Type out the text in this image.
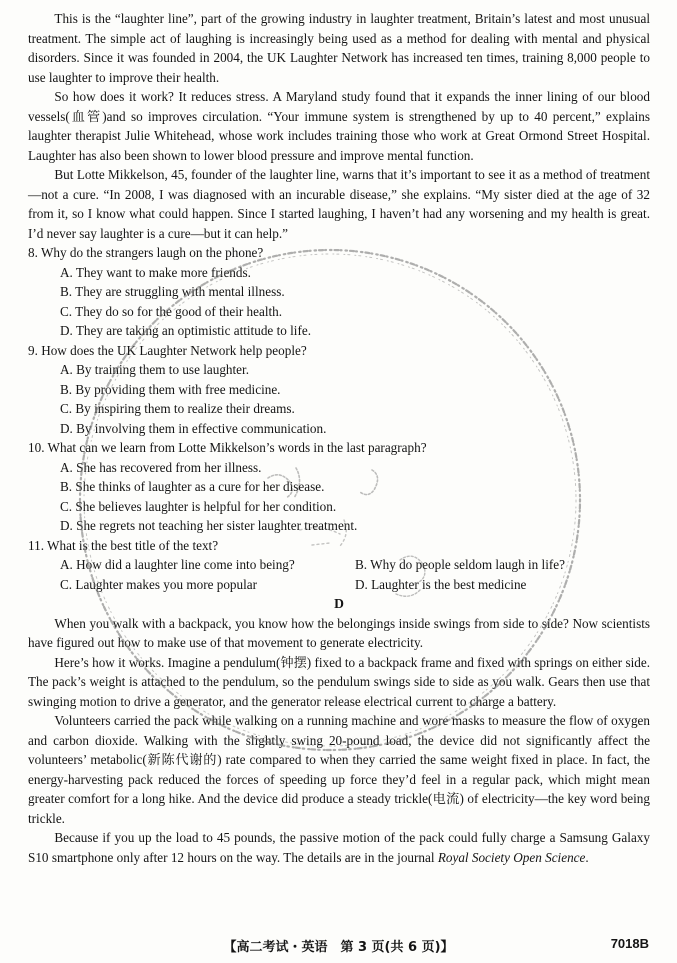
This is the “laughter line”, part of the growing industry in laughter treatment, Britain’s latest and most unusual treatment. The simple act of laughing is increasingly being used as a method for dealing with mental and physical disorders. Since it was founded in 2004, the UK Laughter Network has increased ten times, training 8,000 people to use laughter to improve their health.

So how does it work? It reduces stress. A Maryland study found that it expands the inner lining of our blood vessels(血管)and so improves circulation. “Your immune system is strengthened by up to 40 percent,” explains laughter therapist Julie Whitehead, whose work includes training those who work at Great Ormond Street Hospital. Laughter has also been shown to lower blood pressure and improve mental function.

But Lotte Mikkelson, 45, founder of the laughter line, warns that it’s important to see it as a method of treatment—not a cure. “In 2008, I was diagnosed with an incurable disease,” she explains. “My sister died at the age of 32 from it, so I know what could happen. Since I started laughing, I haven’t had any worsening and my health is great. I’d never say laughter is a cure—but it can help.”

8. Why do the strangers laugh on the phone?

A. They want to make more friends.

B. They are struggling with mental illness.

C. They do so for the good of their health.

D. They are taking an optimistic attitude to life.

9. How does the UK Laughter Network help people?

A. By training them to use laughter.

B. By providing them with free medicine.

C. By inspiring them to realize their dreams.

D. By involving them in effective communication.

10. What can we learn from Lotte Mikkelson’s words in the last paragraph?

A. She has recovered from her illness.

B. She thinks of laughter as a cure for her disease.

C. She believes laughter is helpful for her condition.

D. She regrets not teaching her sister laughter treatment.

11. What is the best title of the text?

A. How did a laughter line come into being?	B. Why do people seldom laugh in life?
C. Laughter makes you more popular	D. Laughter is the best medicine

D

When you walk with a backpack, you know how the belongings inside swings from side to side? Now scientists have figured out how to make use of that movement to generate electricity.

Here’s how it works. Imagine a pendulum(钟摆) fixed to a backpack frame and fixed with springs on either side. The pack’s weight is attached to the pendulum, so the pendulum swings side to side as you walk. Gears then use that swinging motion to drive a generator, and the generator release electrical current to charge a battery.

Volunteers carried the pack while walking on a running machine and wore masks to measure the flow of oxygen and carbon dioxide. Walking with the slightly swing 20-pound load, the device did not significantly affect the volunteers’ metabolic(新陈代谢的) rate compared to when they carried the same weight fixed in place. In fact, the energy-harvesting pack reduced the forces of speeding up force they’d feel in a regular pack, which might mean greater comfort for a long hike. And the device did produce a steady trickle(电流) of electricity—the key word being trickle.

Because if you up the load to 45 pounds, the passive motion of the pack could fully charge a Samsung Galaxy S10 smartphone only after 12 hours on the way. The details are in the journal Royal Society Open Science.

【高二考试・英语　第 3 页(共 6 页)】	7018B
